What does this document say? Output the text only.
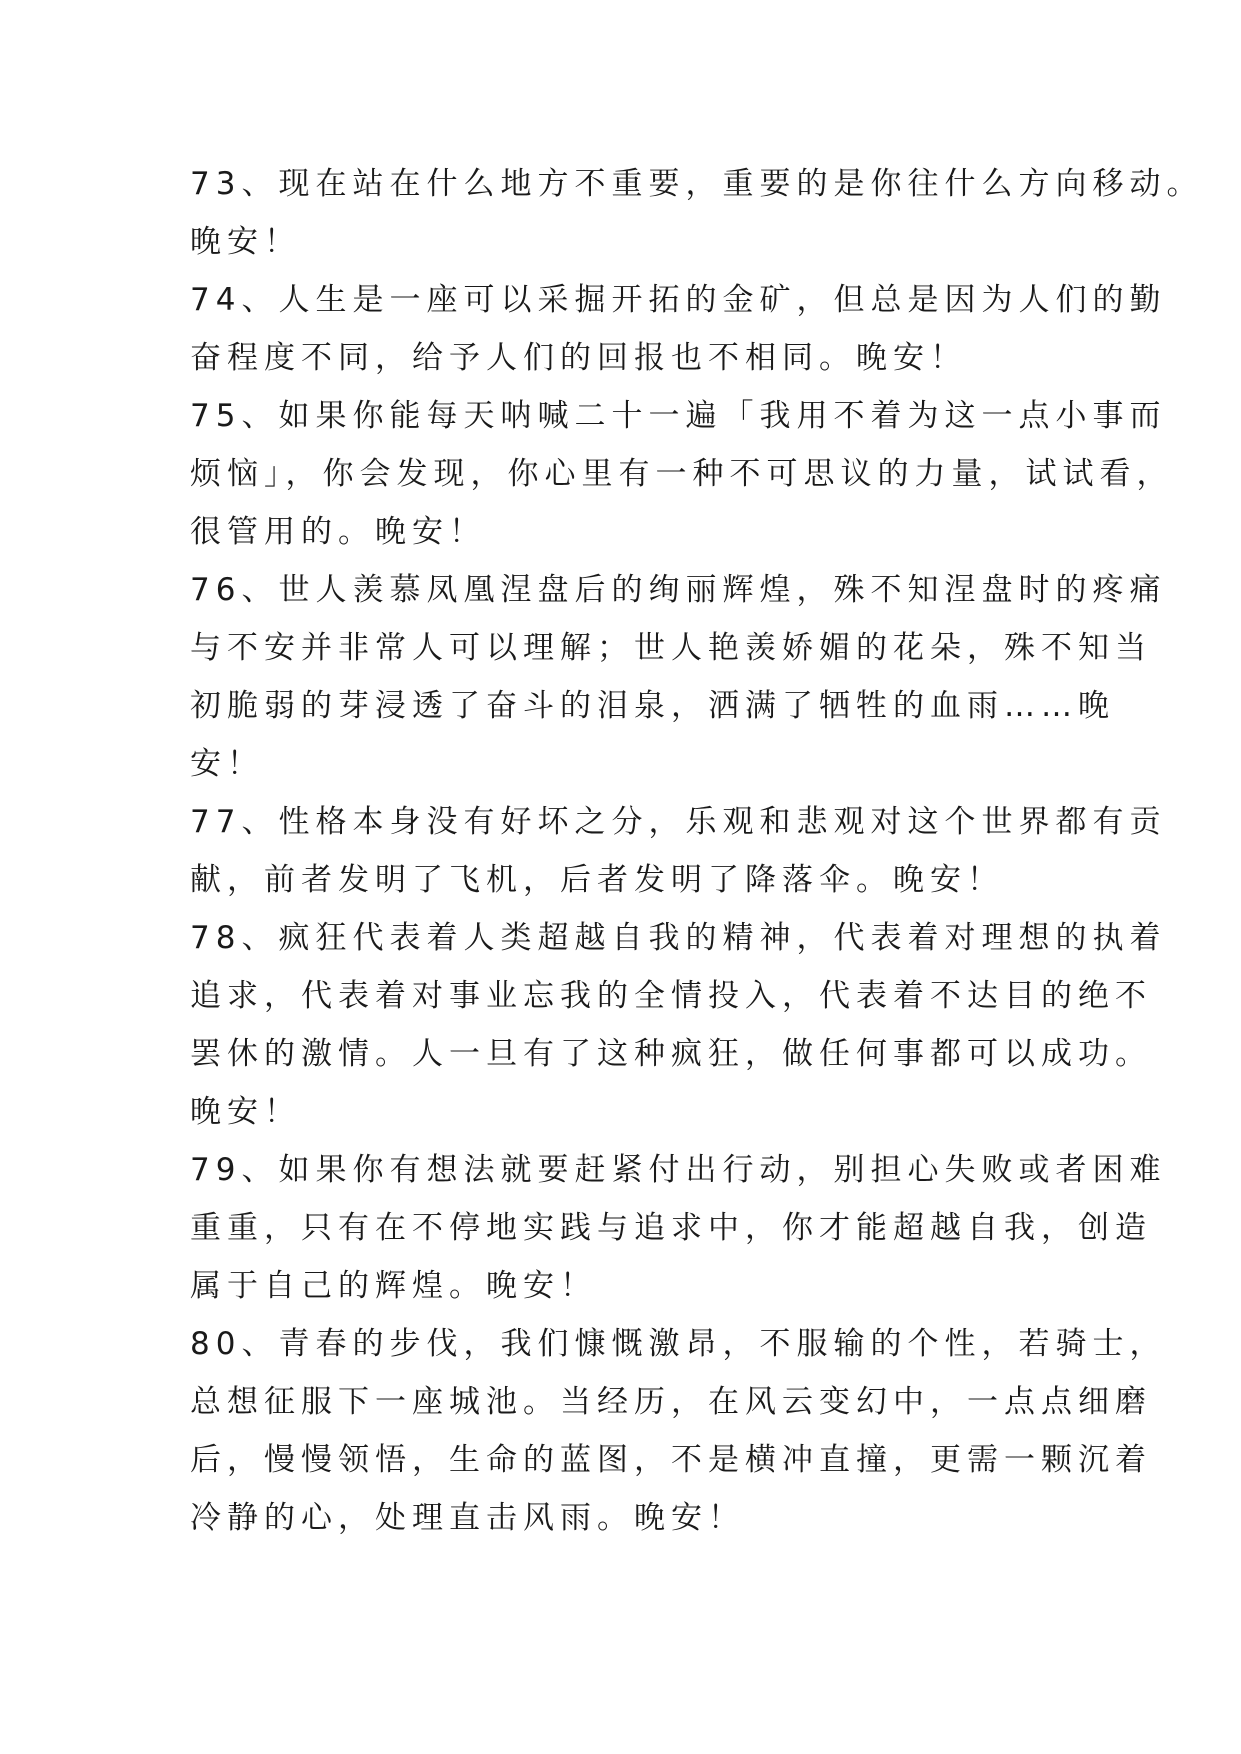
73、现在站在什么地方不重要，重要的是你往什么方向移动。
晚安！
74、人生是一座可以采掘开拓的金矿，但总是因为人们的勤
奋程度不同，给予人们的回报也不相同。晚安！
75、如果你能每天呐喊二十一遍「我用不着为这一点小事而
烦恼」，你会发现，你心里有一种不可思议的力量，试试看，
很管用的。晚安！
76、世人羡慕凤凰涅盘后的绚丽辉煌，殊不知涅盘时的疼痛
与不安并非常人可以理解；世人艳羡娇媚的花朵，殊不知当
初脆弱的芽浸透了奋斗的泪泉，洒满了牺牲的血雨……晚
安！
77、性格本身没有好坏之分，乐观和悲观对这个世界都有贡
献，前者发明了飞机，后者发明了降落伞。晚安！
78、疯狂代表着人类超越自我的精神，代表着对理想的执着
追求，代表着对事业忘我的全情投入，代表着不达目的绝不
罢休的激情。人一旦有了这种疯狂，做任何事都可以成功。
晚安！
79、如果你有想法就要赶紧付出行动，别担心失败或者困难
重重，只有在不停地实践与追求中，你才能超越自我，创造
属于自己的辉煌。晚安！
80、青春的步伐，我们慷慨激昂，不服输的个性，若骑士，
总想征服下一座城池。当经历，在风云变幻中，一点点细磨
后，慢慢领悟，生命的蓝图，不是横冲直撞，更需一颗沉着
冷静的心，处理直击风雨。晚安！
